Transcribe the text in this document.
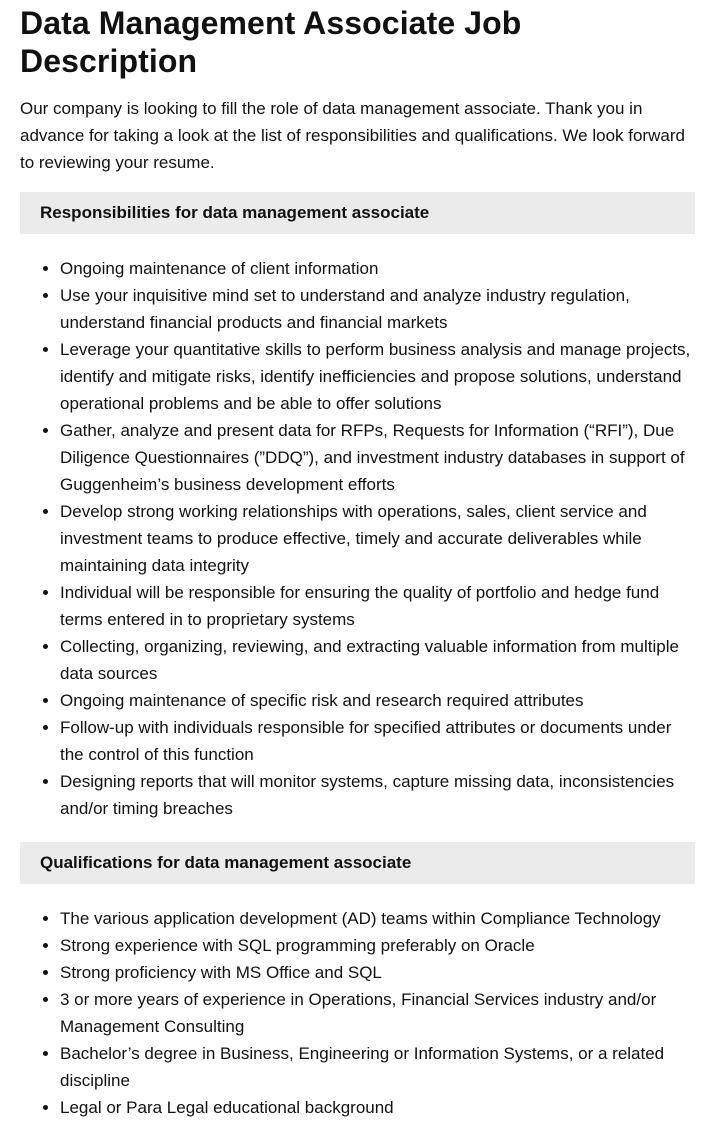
Data Management Associate Job Description

Our company is looking to fill the role of data management associate. Thank you in advance for taking a look at the list of responsibilities and qualifications. We look forward to reviewing your resume.

Responsibilities for data management associate
• Ongoing maintenance of client information
• Use your inquisitive mind set to understand and analyze industry regulation, understand financial products and financial markets
• Leverage your quantitative skills to perform business analysis and manage projects, identify and mitigate risks, identify inefficiencies and propose solutions, understand operational problems and be able to offer solutions
• Gather, analyze and present data for RFPs, Requests for Information (“RFI”), Due Diligence Questionnaires (”DDQ”), and investment industry databases in support of Guggenheim’s business development efforts
• Develop strong working relationships with operations, sales, client service and investment teams to produce effective, timely and accurate deliverables while maintaining data integrity
• Individual will be responsible for ensuring the quality of portfolio and hedge fund terms entered in to proprietary systems
• Collecting, organizing, reviewing, and extracting valuable information from multiple data sources
• Ongoing maintenance of specific risk and research required attributes
• Follow-up with individuals responsible for specified attributes or documents under the control of this function
• Designing reports that will monitor systems, capture missing data, inconsistencies and/or timing breaches
Qualifications for data management associate
• The various application development (AD) teams within Compliance Technology
• Strong experience with SQL programming preferably on Oracle
• Strong proficiency with MS Office and SQL
• 3 or more years of experience in Operations, Financial Services industry and/or Management Consulting
• Bachelor’s degree in Business, Engineering or Information Systems, or a related discipline
• Legal or Para Legal educational background
